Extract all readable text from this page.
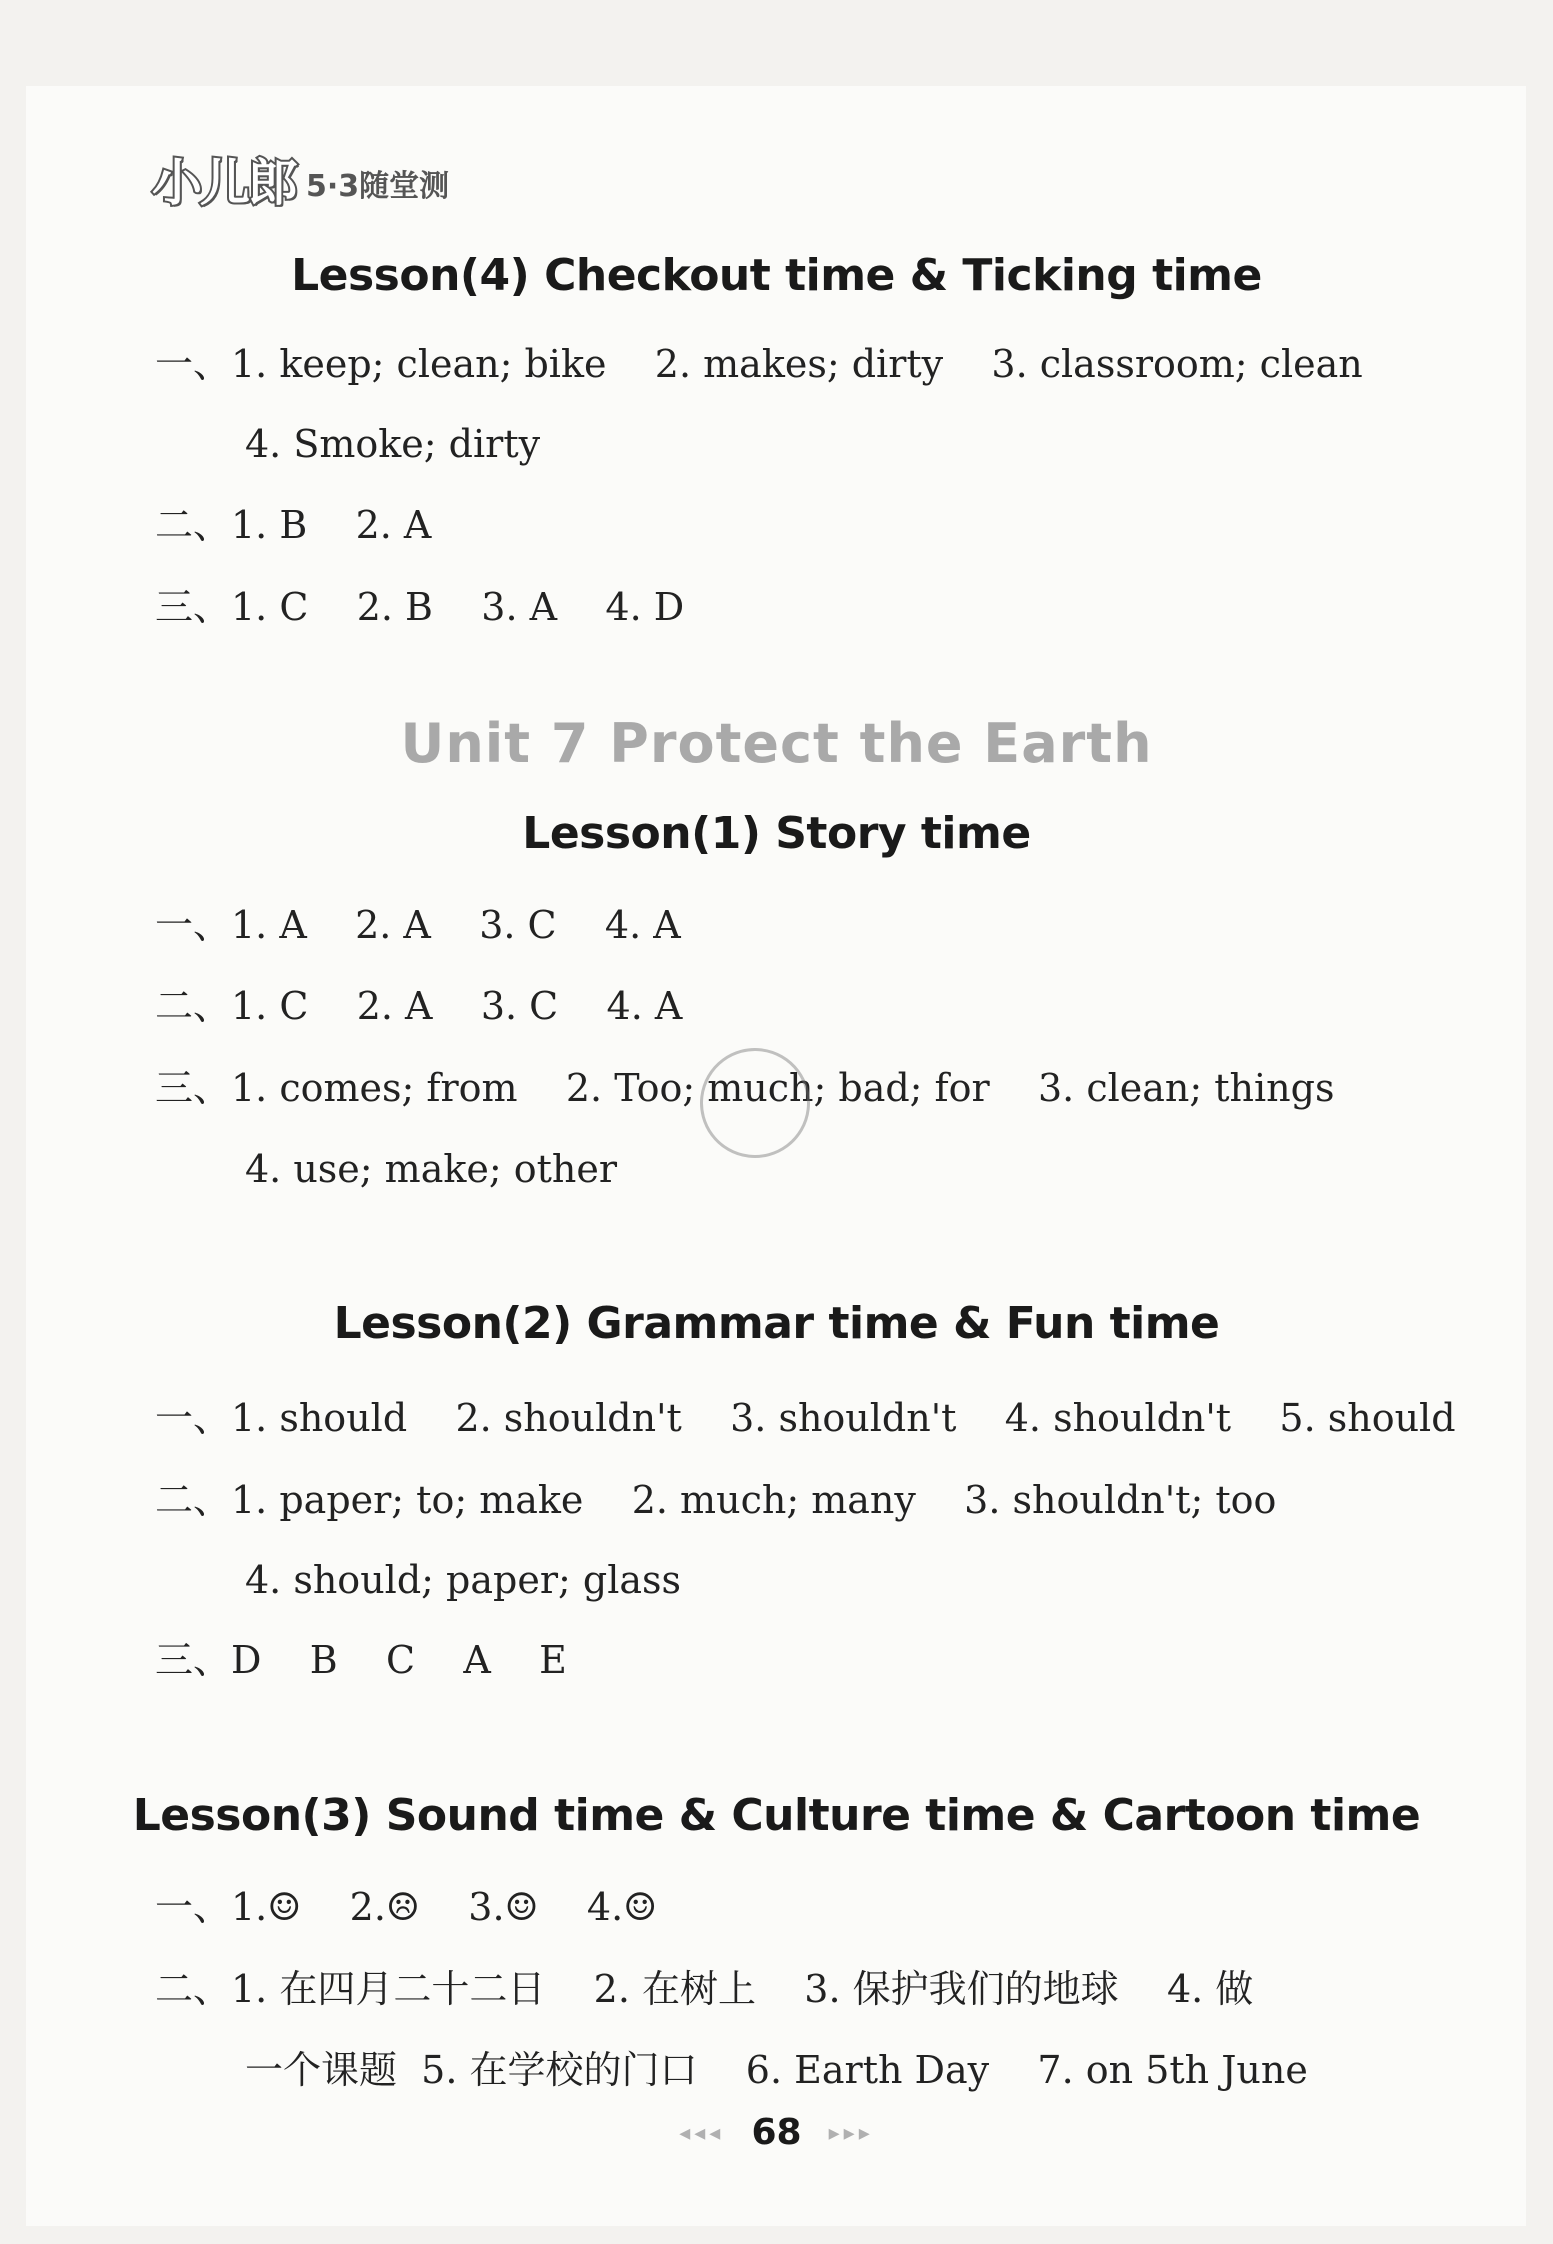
小儿郎 5·3随堂测
Lesson(4) Checkout time & Ticking time
一、1. keep; clean; bike    2. makes; dirty    3. classroom; clean
4. Smoke; dirty
二、1. B    2. A
三、1. C    2. B    3. A    4. D
Unit 7 Protect the Earth
Lesson(1) Story time
一、1. A    2. A    3. C    4. A
二、1. C    2. A    3. C    4. A
三、1. comes; from    2. Too; much; bad; for    3. clean; things
4. use; make; other
Lesson(2) Grammar time & Fun time
一、1. should    2. shouldn't    3. shouldn't    4. shouldn't    5. should
二、1. paper; to; make    2. much; many    3. shouldn't; too
4. should; paper; glass
三、D    B    C    A    E
Lesson(3) Sound time & Culture time & Cartoon time
一、1.☺    2.☹    3.☺    4.☺
二、1. 在四月二十二日    2. 在树上    3. 保护我们的地球    4. 做
一个课题  5. 在学校的门口    6. Earth Day    7. on 5th June
◂◂◂ 68 ▸▸▸
